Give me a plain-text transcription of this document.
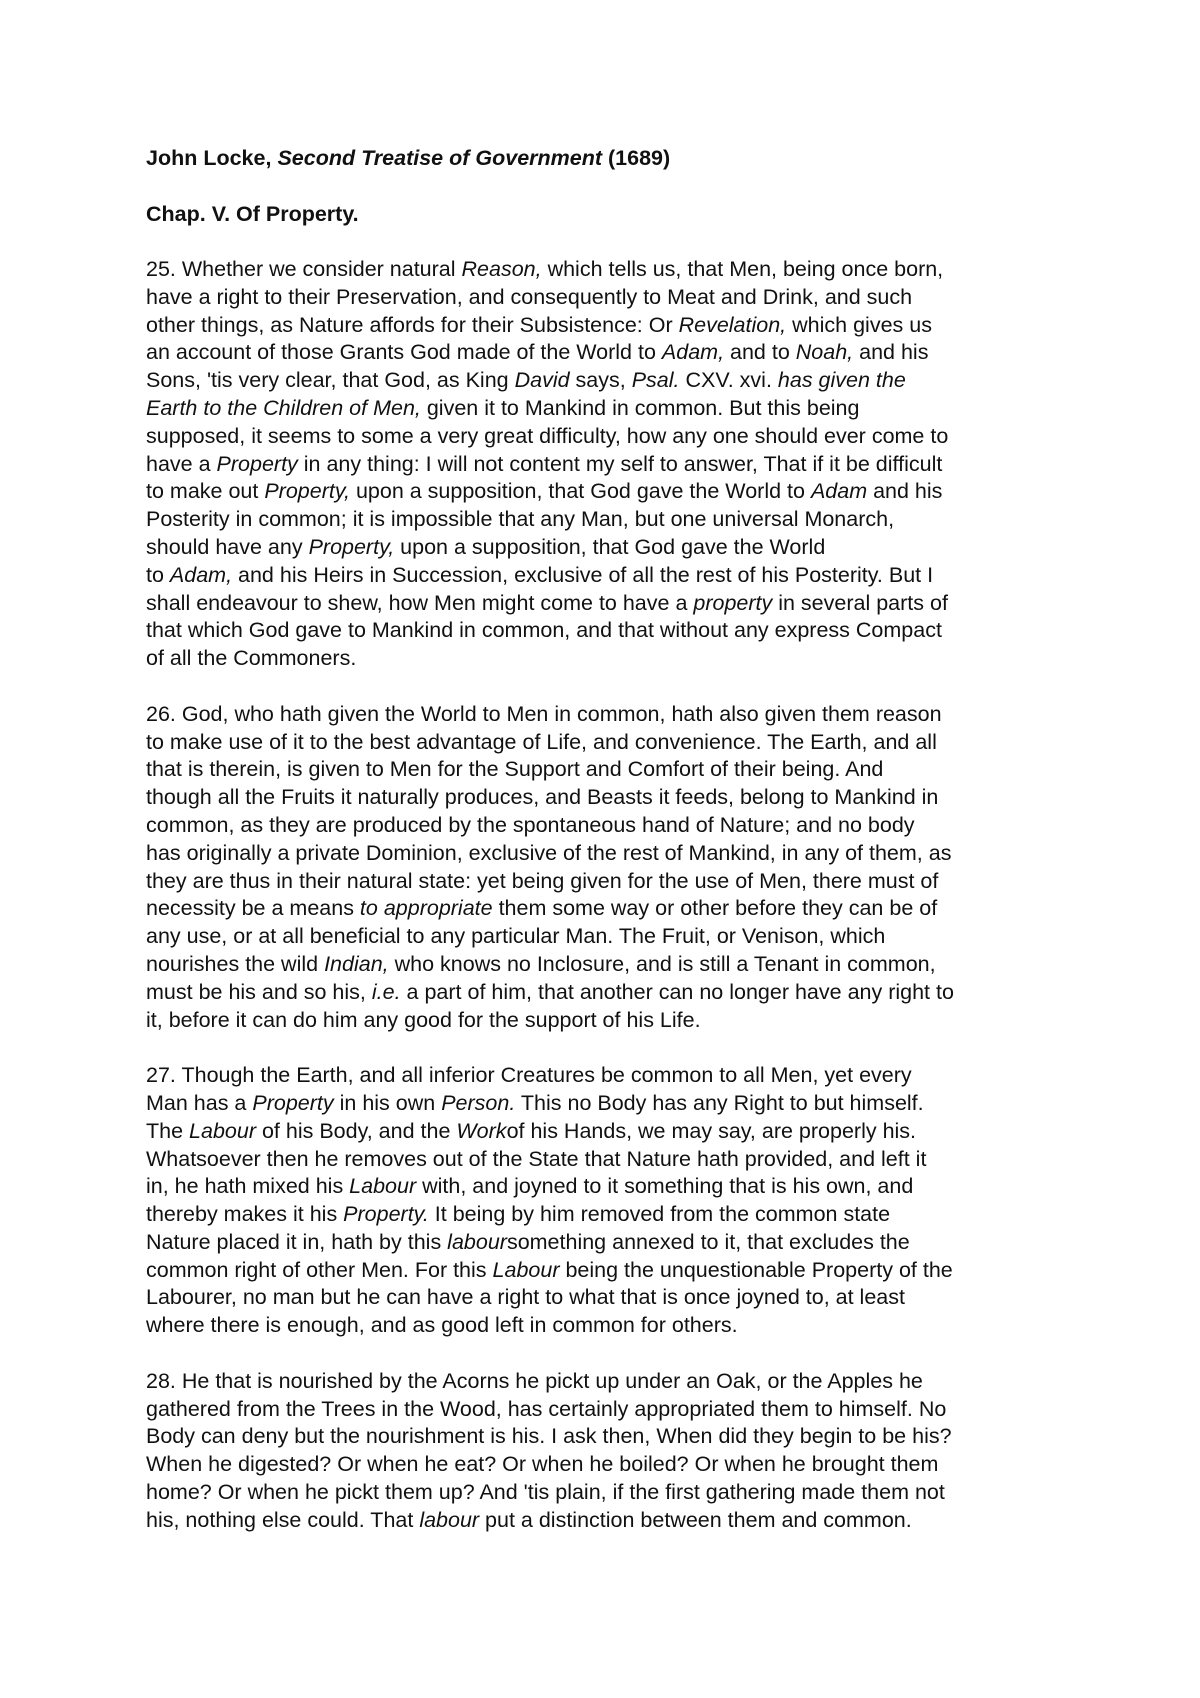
John Locke, Second Treatise of Government (1689)
Chap. V. Of Property.
25. Whether we consider natural Reason, which tells us, that Men, being once born,
have a right to their Preservation, and consequently to Meat and Drink, and such
other things, as Nature affords for their Subsistence: Or Revelation, which gives us
an account of those Grants God made of the World to Adam, and to Noah, and his
Sons, 'tis very clear, that God, as King David says, Psal. CXV. xvi. has given the
Earth to the Children of Men, given it to Mankind in common. But this being
supposed, it seems to some a very great difficulty, how any one should ever come to
have a Property in any thing: I will not content my self to answer, That if it be difficult
to make out Property, upon a supposition, that God gave the World to Adam and his
Posterity in common; it is impossible that any Man, but one universal Monarch,
should have any Property, upon a supposition, that God gave the World
to Adam, and his Heirs in Succession, exclusive of all the rest of his Posterity. But I
shall endeavour to shew, how Men might come to have a property in several parts of
that which God gave to Mankind in common, and that without any express Compact
of all the Commoners.
26. God, who hath given the World to Men in common, hath also given them reason
to make use of it to the best advantage of Life, and convenience. The Earth, and all
that is therein, is given to Men for the Support and Comfort of their being. And
though all the Fruits it naturally produces, and Beasts it feeds, belong to Mankind in
common, as they are produced by the spontaneous hand of Nature; and no body
has originally a private Dominion, exclusive of the rest of Mankind, in any of them, as
they are thus in their natural state: yet being given for the use of Men, there must of
necessity be a means to appropriate them some way or other before they can be of
any use, or at all beneficial to any particular Man. The Fruit, or Venison, which
nourishes the wild Indian, who knows no Inclosure, and is still a Tenant in common,
must be his and so his, i.e. a part of him, that another can no longer have any right to
it, before it can do him any good for the support of his Life.
27. Though the Earth, and all inferior Creatures be common to all Men, yet every
Man has a Property in his own Person. This no Body has any Right to but himself.
The Labour of his Body, and the Workof his Hands, we may say, are properly his.
Whatsoever then he removes out of the State that Nature hath provided, and left it
in, he hath mixed his Labour with, and joyned to it something that is his own, and
thereby makes it his Property. It being by him removed from the common state
Nature placed it in, hath by this laboursomething annexed to it, that excludes the
common right of other Men. For this Labour being the unquestionable Property of the
Labourer, no man but he can have a right to what that is once joyned to, at least
where there is enough, and as good left in common for others.
28. He that is nourished by the Acorns he pickt up under an Oak, or the Apples he
gathered from the Trees in the Wood, has certainly appropriated them to himself. No
Body can deny but the nourishment is his. I ask then, When did they begin to be his?
When he digested? Or when he eat? Or when he boiled? Or when he brought them
home? Or when he pickt them up? And 'tis plain, if the first gathering made them not
his, nothing else could. That labour put a distinction between them and common.
